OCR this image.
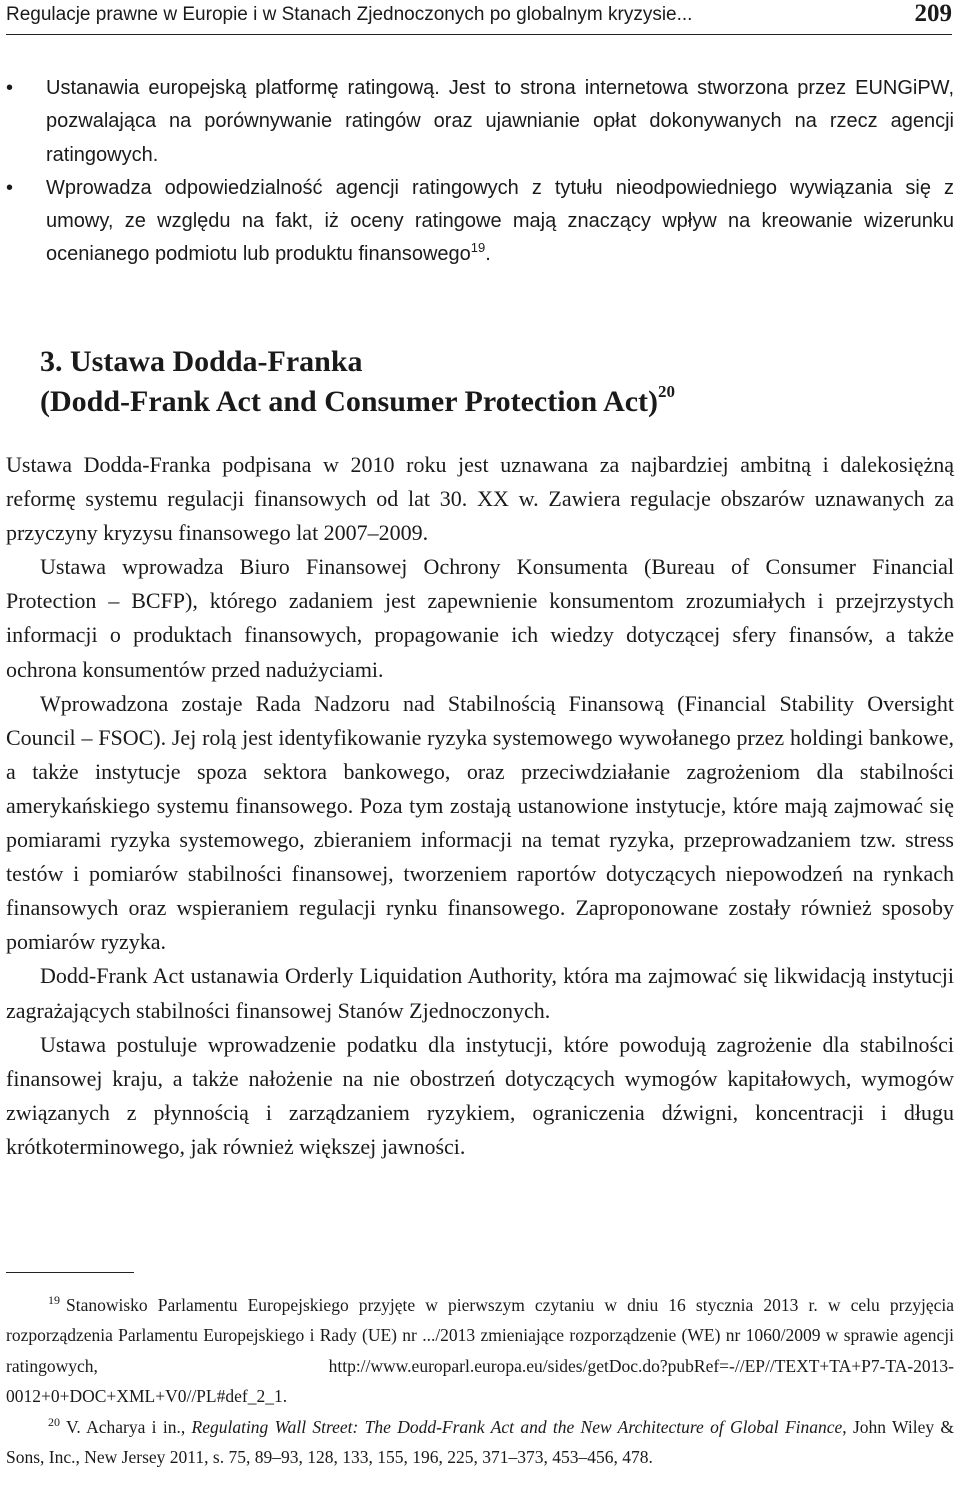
Regulacje prawne w Europie i w Stanach Zjednoczonych po globalnym kryzysie...	209
• Ustanawia europejską platformę ratingową. Jest to strona internetowa stworzona przez EUNGiPW, pozwalająca na porównywanie ratingów oraz ujawnianie opłat dokonywanych na rzecz agencji ratingowych.
• Wprowadza odpowiedzialność agencji ratingowych z tytułu nieodpowiedniego wywiązania się z umowy, ze względu na fakt, iż oceny ratingowe mają znaczący wpływ na kreowanie wizerunku ocenianego podmiotu lub produktu finansowego$^{19}$.
3. Ustawa Dodda-Franka
(Dodd-Frank Act and Consumer Protection Act)$^{20}$

Ustawa Dodda-Franka podpisana w 2010 roku jest uznawana za najbardziej ambitną i dalekosiężną reformę systemu regulacji finansowych od lat 30. XX w. Zawiera regulacje obszarów uznawanych za przyczyny kryzysu finansowego lat 2007–2009.

Ustawa wprowadza Biuro Finansowej Ochrony Konsumenta (Bureau of Consumer Financial Protection – BCFP), którego zadaniem jest zapewnienie konsumentom zrozumiałych i przejrzystych informacji o produktach finansowych, propagowanie ich wiedzy dotyczącej sfery finansów, a także ochrona konsumentów przed nadużyciami.

Wprowadzona zostaje Rada Nadzoru nad Stabilnością Finansową (Financial Stability Oversight Council – FSOC). Jej rolą jest identyfikowanie ryzyka systemowego wywołanego przez holdingi bankowe, a także instytucje spoza sektora bankowego, oraz przeciwdziałanie zagrożeniom dla stabilności amerykańskiego systemu finansowego. Poza tym zostają ustanowione instytucje, które mają zajmować się pomiarami ryzyka systemowego, zbieraniem informacji na temat ryzyka, przeprowadzaniem tzw. stress testów i pomiarów stabilności finansowej, tworzeniem raportów dotyczących niepowodzeń na rynkach finansowych oraz wspieraniem regulacji rynku finansowego. Zaproponowane zostały również sposoby pomiarów ryzyka.

Dodd-Frank Act ustanawia Orderly Liquidation Authority, która ma zajmować się likwidacją instytucji zagrażających stabilności finansowej Stanów Zjednoczonych.

Ustawa postuluje wprowadzenie podatku dla instytucji, które powodują zagrożenie dla stabilności finansowej kraju, a także nałożenie na nie obostrzeń dotyczących wymogów kapitałowych, wymogów związanych z płynnością i zarządzaniem ryzykiem, ograniczenia dźwigni, koncentracji i długu krótkoterminowego, jak również większej jawności.

$^{19}$ Stanowisko Parlamentu Europejskiego przyjęte w pierwszym czytaniu w dniu 16 stycznia 2013 r. w celu przyjęcia rozporządzenia Parlamentu Europejskiego i Rady (UE) nr .../2013 zmieniające rozporządzenie (WE) nr 1060/2009 w sprawie agencji ratingowych, http://www.europarl.europa.eu/sides/getDoc.do?pubRef=-//EP//TEXT+TA+P7-TA-2013-0012+0+DOC+XML+V0//PL#def_2_1.

$^{20}$ V. Acharya i in., Regulating Wall Street: The Dodd-Frank Act and the New Architecture of Global Finance, John Wiley & Sons, Inc., New Jersey 2011, s. 75, 89–93, 128, 133, 155, 196, 225, 371–373, 453–456, 478.
